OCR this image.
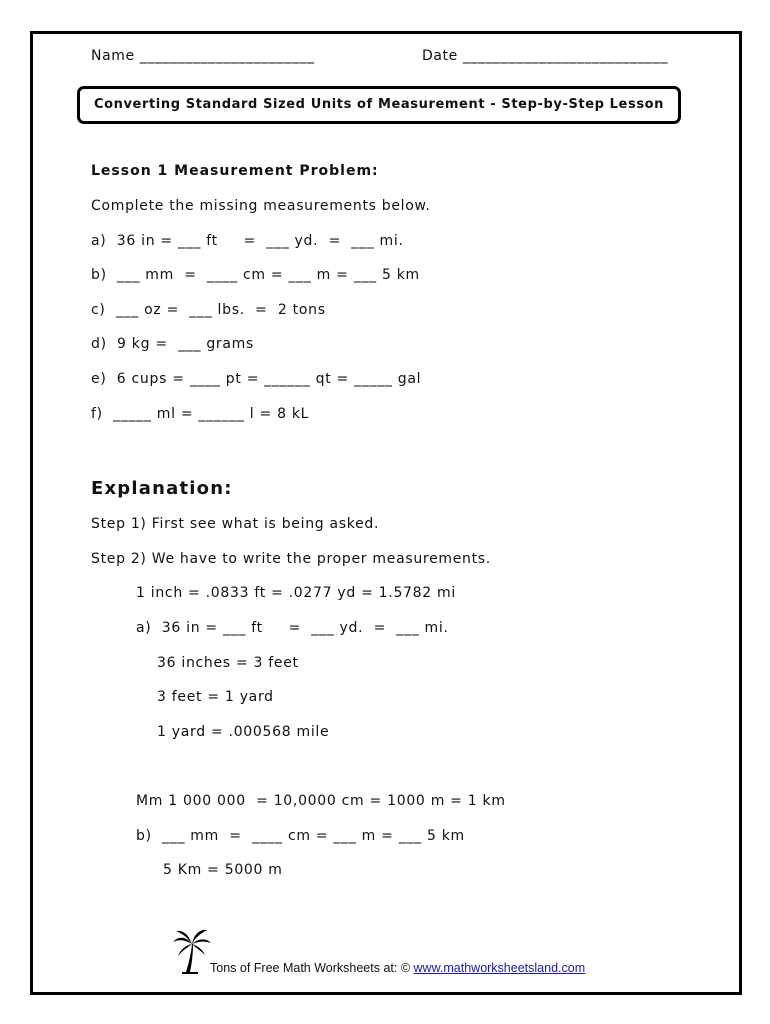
Name _______________________	Date ___________________________
Converting Standard Sized Units of Measurement - Step-by-Step Lesson
Lesson 1 Measurement Problem:
Complete the missing measurements below.
a)  36 in = ___ ft     =  ___ yd.  =  ___ mi.
b)  ___ mm  =  ____ cm = ___ m = ___ 5 km
c)  ___ oz =  ___ lbs.  =  2 tons
d)  9 kg =  ___ grams
e)  6 cups = ____ pt = ______ qt = _____ gal
f)  _____ ml = ______ l = 8 kL
Explanation:
Step 1) First see what is being asked.
Step 2) We have to write the proper measurements.
1 inch = .0833 ft = .0277 yd = 1.5782 mi
a)  36 in = ___ ft     =  ___ yd.  =  ___ mi.
36 inches = 3 feet
3 feet = 1 yard
1 yard = .000568 mile
Mm 1 000 000  = 10,0000 cm = 1000 m = 1 km
b)  ___ mm  =  ____ cm = ___ m = ___ 5 km
5 Km = 5000 m
Tons of Free Math Worksheets at: © www.mathworksheetsland.com
